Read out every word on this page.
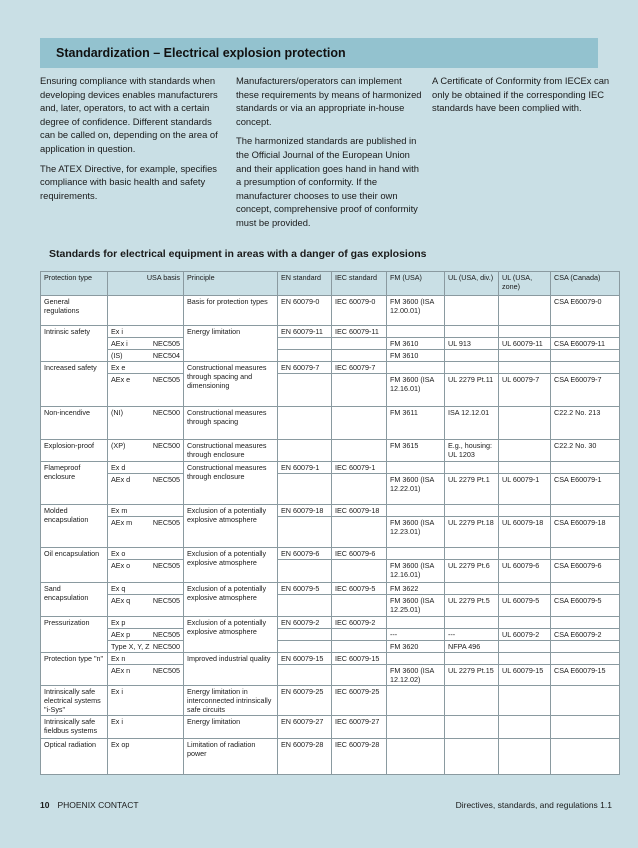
Standardization – Electrical explosion protection

Ensuring compliance with standards when developing devices enables manufacturers and, later, operators, to act with a certain degree of confidence. Different standards can be called on, depending on the area of application in question.

The ATEX Directive, for example, specifies compliance with basic health and safety requirements.

Manufacturers/operators can implement these requirements by means of harmonized standards or via an appropriate in-house concept.

The harmonized standards are published in the Official Journal of the European Union and their application goes hand in hand with a presumption of conformity. If the manufacturer chooses to use their own concept, comprehensive proof of conformity must be provided.

A Certificate of Conformity from IECEx can only be obtained if the corresponding IEC standards have been complied with.

Standards for electrical equipment in areas with a danger of gas explosions
Protection type	USA basis	Principle	EN standard	IEC standard	FM (USA)	UL (USA, div.)	UL (USA, zone)	CSA (Canada)
General regulations		Basis for protection types	EN 60079-0	IEC 60079-0	FM 3600 (ISA 12.00.01)			CSA E60079-0
Intrinsic safety	Ex i	Energy limitation	EN 60079-11	IEC 60079-11				

	AEx i NEC505				FM 3610	UL 913	UL 60079-11	CSA E60079-11

	(IS) NEC504				FM 3610			
Increased safety	Ex e	Constructional measures through spacing and dimensioning	EN 60079-7	IEC 60079-7				

	AEx e NEC505				FM 3600 (ISA 12.16.01)	UL 2279 Pt.11	UL 60079-7	CSA E60079-7
Non-incendive	(NI) NEC500	Constructional measures through spacing			FM 3611	ISA 12.12.01		C22.2 No. 213
Explosion-proof	(XP) NEC500	Constructional measures through enclosure			FM 3615	E.g., housing: UL 1203		C22.2 No. 30
Flameproof enclosure	Ex d	Constructional measures through enclosure	EN 60079-1	IEC 60079-1				

	AEx d NEC505				FM 3600 (ISA 12.22.01)	UL 2279 Pt.1	UL 60079-1	CSA E60079-1
Molded encapsulation	Ex m	Exclusion of a potentially explosive atmosphere	EN 60079-18	IEC 60079-18				

	AEx m NEC505				FM 3600 (ISA 12.23.01)	UL 2279 Pt.18	UL 60079-18	CSA E60079-18
Oil encapsulation	Ex o	Exclusion of a potentially explosive atmosphere	EN 60079-6	IEC 60079-6				

	AEx o NEC505				FM 3600 (ISA 12.16.01)	UL 2279 Pt.6	UL 60079-6	CSA E60079-6
Sand encapsulation	Ex q	Exclusion of a potentially explosive atmosphere	EN 60079-5	IEC 60079-5	FM 3622			

	AEx q NEC505				FM 3600 (ISA 12.25.01)	UL 2279 Pt.5	UL 60079-5	CSA E60079-5
Pressurization	Ex p	Exclusion of a potentially explosive atmosphere	EN 60079-2	IEC 60079-2				

	AEx p NEC505				---	---	UL 60079-2	CSA E60079-2

	Type X, Y, Z NEC500				FM 3620	NFPA 496		
Protection type "n"	Ex n	Improved industrial quality	EN 60079-15	IEC 60079-15				

	AEx n NEC505				FM 3600 (ISA 12.12.02)	UL 2279 Pt.15	UL 60079-15	CSA E60079-15
Intrinsically safe electrical systems "i-Sys"	Ex i	Energy limitation in interconnected intrinsically safe circuits	EN 60079-25	IEC 60079-25				
Intrinsically safe fieldbus systems	Ex i	Energy limitation	EN 60079-27	IEC 60079-27				
Optical radiation	Ex op	Limitation of radiation power	EN 60079-28	IEC 60079-28				
10 PHOENIX CONTACT	Directives, standards, and regulations 1.1
